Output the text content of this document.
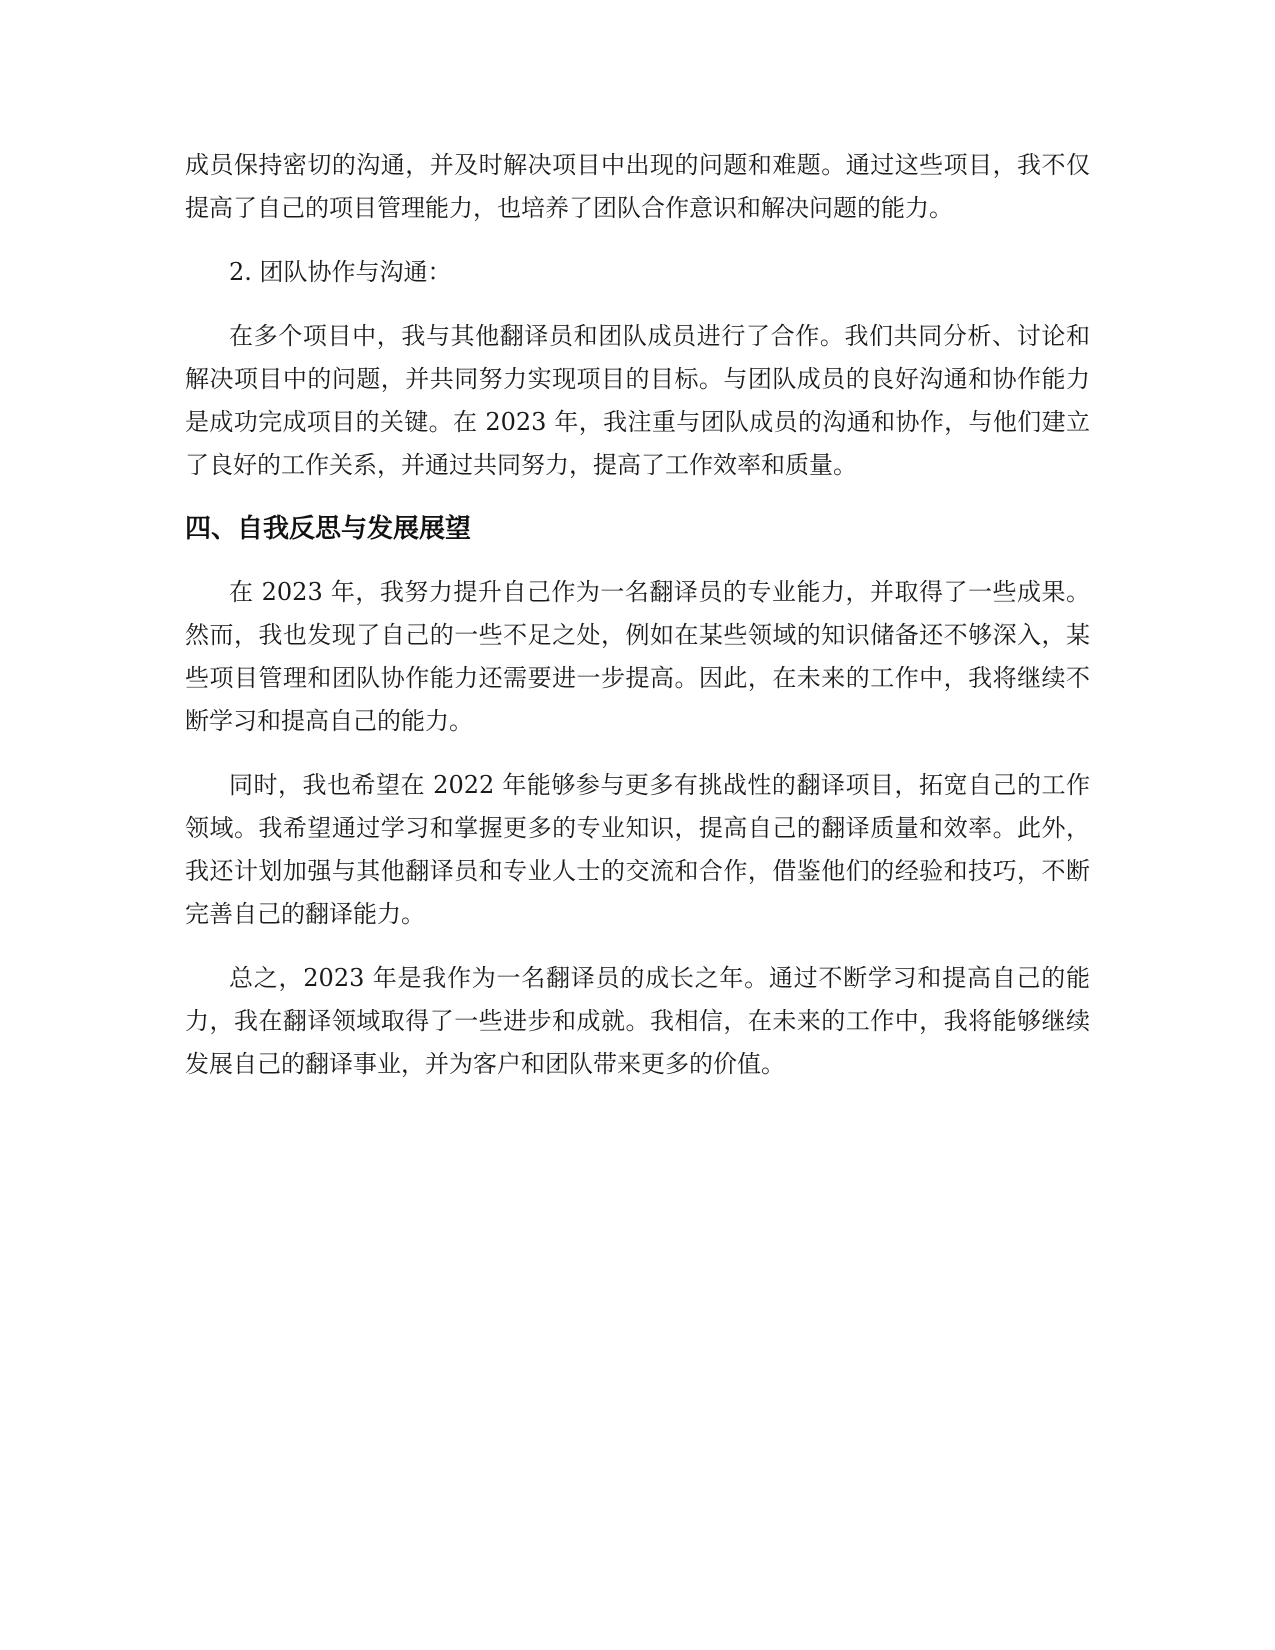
成员保持密切的沟通，并及时解决项目中出现的问题和难题。通过这些项目，我不仅提高了自己的项目管理能力，也培养了团队合作意识和解决问题的能力。

2. 团队协作与沟通：

在多个项目中，我与其他翻译员和团队成员进行了合作。我们共同分析、讨论和解决项目中的问题，并共同努力实现项目的目标。与团队成员的良好沟通和协作能力是成功完成项目的关键。在 2023 年，我注重与团队成员的沟通和协作，与他们建立了良好的工作关系，并通过共同努力，提高了工作效率和质量。

四、自我反思与发展展望

在 2023 年，我努力提升自己作为一名翻译员的专业能力，并取得了一些成果。然而，我也发现了自己的一些不足之处，例如在某些领域的知识储备还不够深入，某些项目管理和团队协作能力还需要进一步提高。因此，在未来的工作中，我将继续不断学习和提高自己的能力。

同时，我也希望在 2022 年能够参与更多有挑战性的翻译项目，拓宽自己的工作领域。我希望通过学习和掌握更多的专业知识，提高自己的翻译质量和效率。此外，我还计划加强与其他翻译员和专业人士的交流和合作，借鉴他们的经验和技巧，不断完善自己的翻译能力。

总之，2023 年是我作为一名翻译员的成长之年。通过不断学习和提高自己的能力，我在翻译领域取得了一些进步和成就。我相信，在未来的工作中，我将能够继续发展自己的翻译事业，并为客户和团队带来更多的价值。
